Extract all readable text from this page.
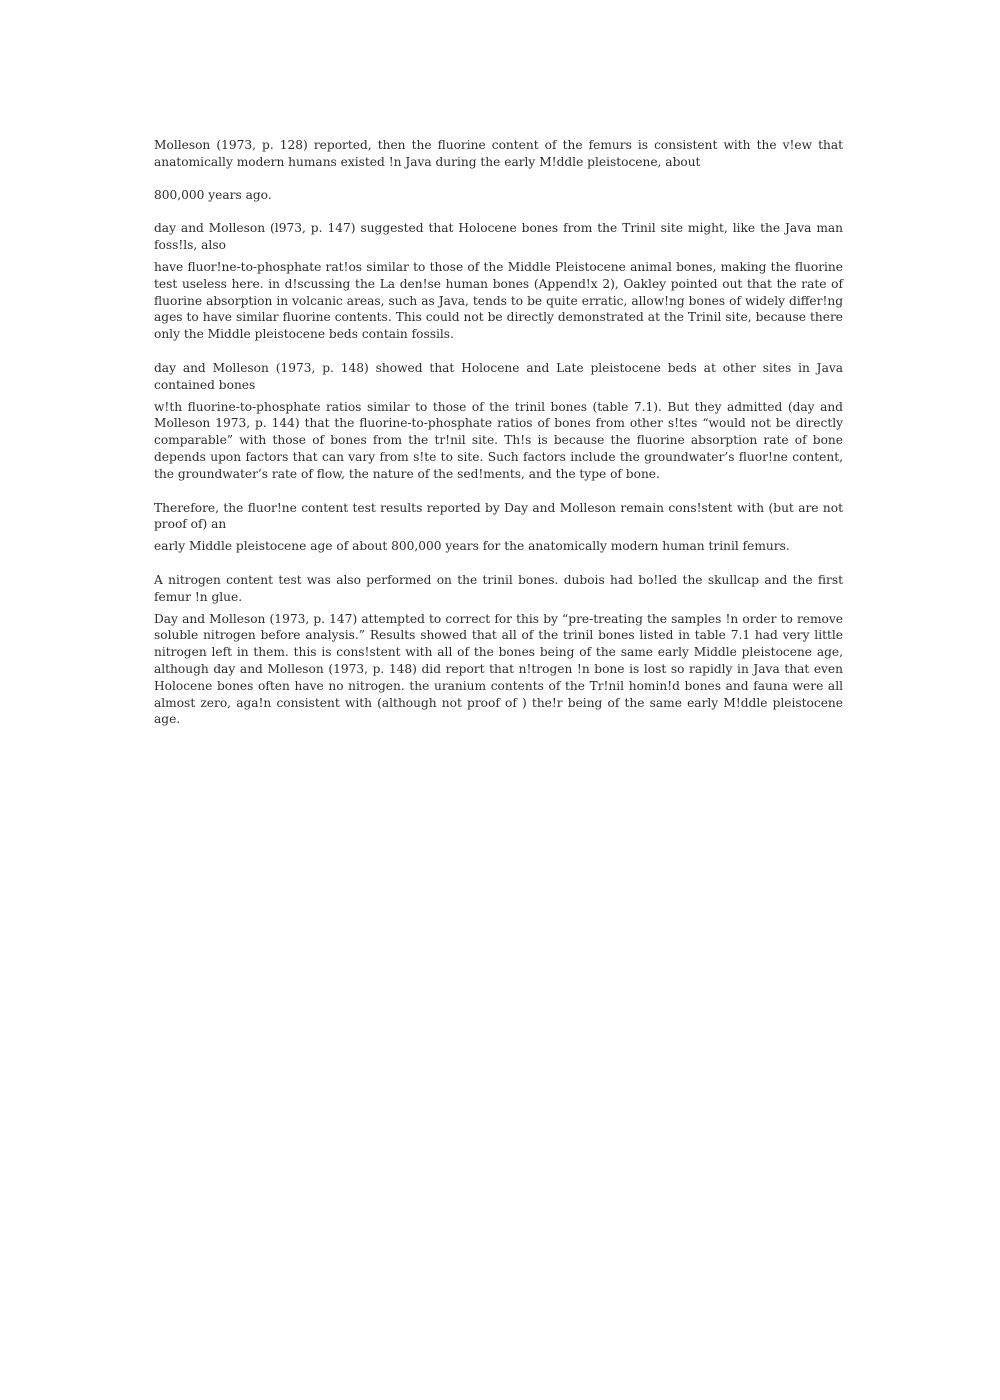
Molleson (1973, p. 128) reported, then the fluorine content of the femurs is consistent with the v!ew that anatomically modern humans existed !n Java during the early M!ddle pleistocene, about

800,000 years ago.

day and Molleson (l973, p. 147) suggested that Holocene bones from the Trinil site might, like the Java man foss!ls, also
have fluor!ne-to-phosphate rat!os similar to those of the Middle Pleistocene animal bones, making the fluorine test useless here. in d!scussing the La den!se human bones (Append!x 2), Oakley pointed out that the rate of fluorine absorption in volcanic areas, such as Java, tends to be quite erratic, allow!ng bones of widely differ!ng ages to have similar fluorine contents. This could not be directly demonstrated at the Trinil site, because there only the Middle pleistocene beds contain fossils.

day and Molleson (1973, p. 148) showed that Holocene and Late pleistocene beds at other sites in Java contained bones
w!th fluorine-to-phosphate ratios similar to those of the trinil bones (table 7.1). But they admitted (day and Molleson 1973, p. 144) that the fluorine-to-phosphate ratios of bones from other s!tes “would not be directly comparable” with those of bones from the tr!nil site. Th!s is because the fluorine absorption rate of bone depends upon factors that can vary from s!te to site. Such factors include the groundwater’s fluor!ne content, the groundwater’s rate of flow, the nature of the sed!ments, and the type of bone.

Therefore, the fluor!ne content test results reported by Day and Molleson remain cons!stent with (but are not proof of) an
early Middle pleistocene age of about 800,000 years for the anatomically modern human trinil femurs.

A nitrogen content test was also performed on the trinil bones. dubois had bo!led the skullcap and the first femur !n glue.
Day and Molleson (1973, p. 147) attempted to correct for this by “pre-treating the samples !n order to remove soluble nitrogen before analysis.” Results showed that all of the trinil bones listed in table 7.1 had very little nitrogen left in them. this is cons!stent with all of the bones being of the same early Middle pleistocene age, although day and Molleson (1973, p. 148) did report that n!trogen !n bone is lost so rapidly in Java that even Holocene bones often have no nitrogen. the uranium contents of the Tr!nil homin!d bones and fauna were all almost zero, aga!n consistent with (although not proof of ) the!r being of the same early M!ddle pleistocene age.
